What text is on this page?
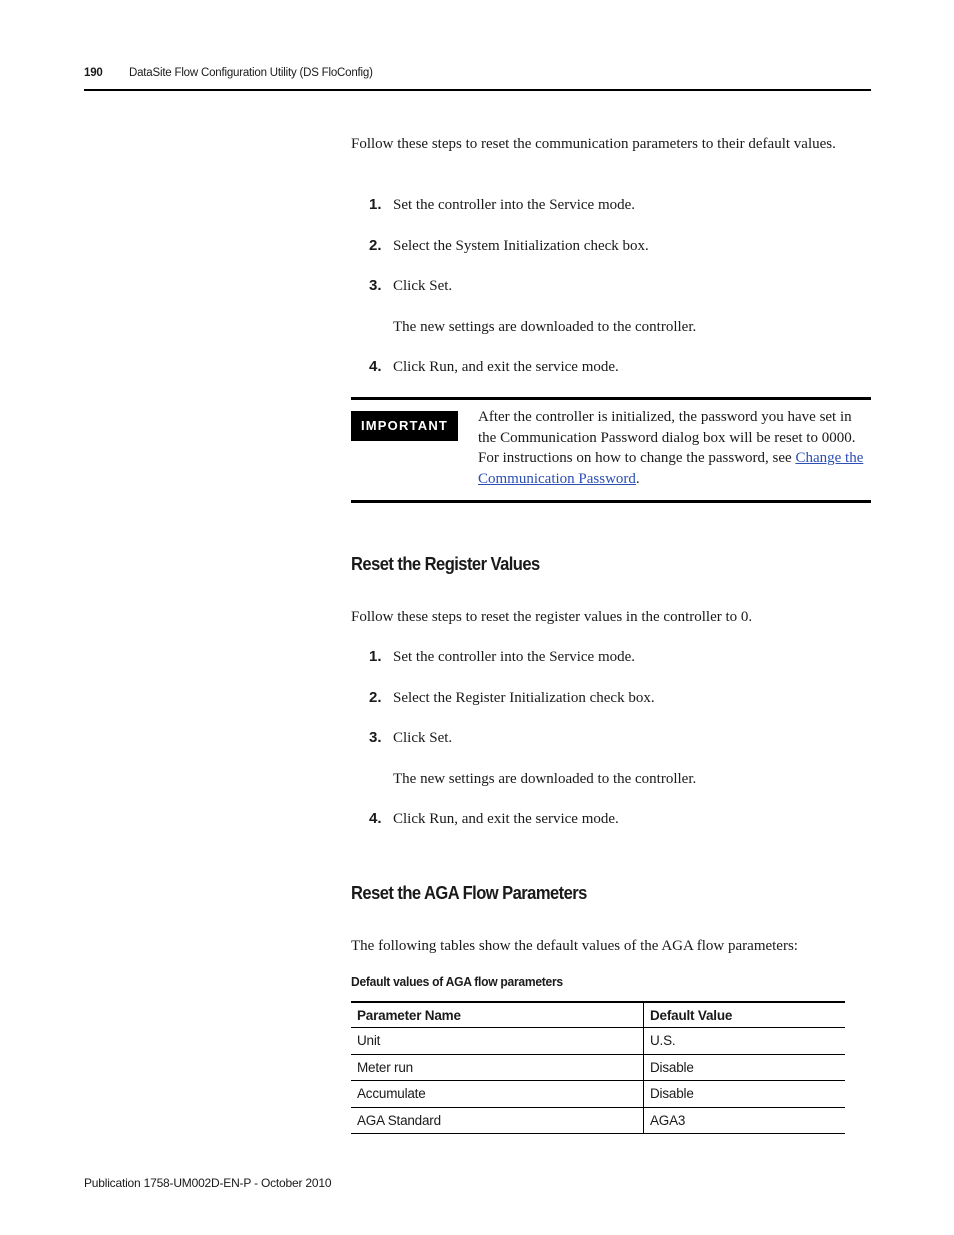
190 DataSite Flow Configuration Utility (DS FloConfig)
Follow these steps to reset the communication parameters to their default values.
1. Set the controller into the Service mode.
2. Select the System Initialization check box.
3. Click Set.
The new settings are downloaded to the controller.
4. Click Run, and exit the service mode.
IMPORTANT
After the controller is initialized, the password you have set in the Communication Password dialog box will be reset to 0000. For instructions on how to change the password, see Change the Communication Password.
Reset the Register Values
Follow these steps to reset the register values in the controller to 0.
1. Set the controller into the Service mode.
2. Select the Register Initialization check box.
3. Click Set.
The new settings are downloaded to the controller.
4. Click Run, and exit the service mode.
Reset the AGA Flow Parameters
The following tables show the default values of the AGA flow parameters:
Default values of AGA flow parameters
Parameter Name	Default Value
Unit	U.S.
Meter run	Disable
Accumulate	Disable
AGA Standard	AGA3
Publication 1758-UM002D-EN-P - October 2010
